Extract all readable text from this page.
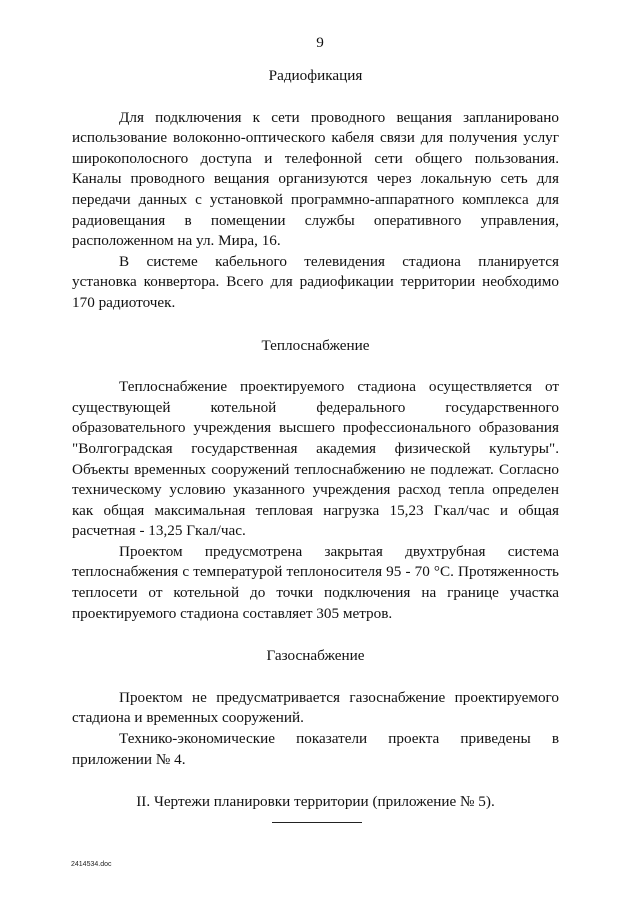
9

Радиофикация

Для подключения к сети проводного вещания запланировано использование волоконно-оптического кабеля связи для получения услуг широкополосного доступа и телефонной сети общего пользования. Каналы проводного вещания организуются через локальную сеть для передачи данных с установкой программно-аппаратного комплекса для радиовещания в помещении службы оперативного управления, расположенном на ул. Мира, 16.

В системе кабельного телевидения стадиона планируется установка конвертора. Всего для радиофикации территории необходимо 170 радиоточек.

Теплоснабжение

Теплоснабжение проектируемого стадиона осуществляется от существующей котельной федерального государственного образовательного учреждения высшего профессионального образования "Волгоградская государственная академия физической культуры". Объекты временных сооружений теплоснабжению не подлежат. Согласно техническому условию указанного учреждения расход тепла определен как общая максимальная тепловая нагрузка 15,23 Гкал/час и общая расчетная - 13,25 Гкал/час.

Проектом предусмотрена закрытая двухтрубная система теплоснабжения с температурой теплоносителя 95 - 70 °С. Протяженность теплосети от котельной до точки подключения на границе участка проектируемого стадиона составляет 305 метров.

Газоснабжение

Проектом не предусматривается газоснабжение проектируемого стадиона и временных сооружений.

Технико-экономические показатели проекта приведены в приложении № 4.

II. Чертежи планировки территории (приложение № 5).

2414534.doc
